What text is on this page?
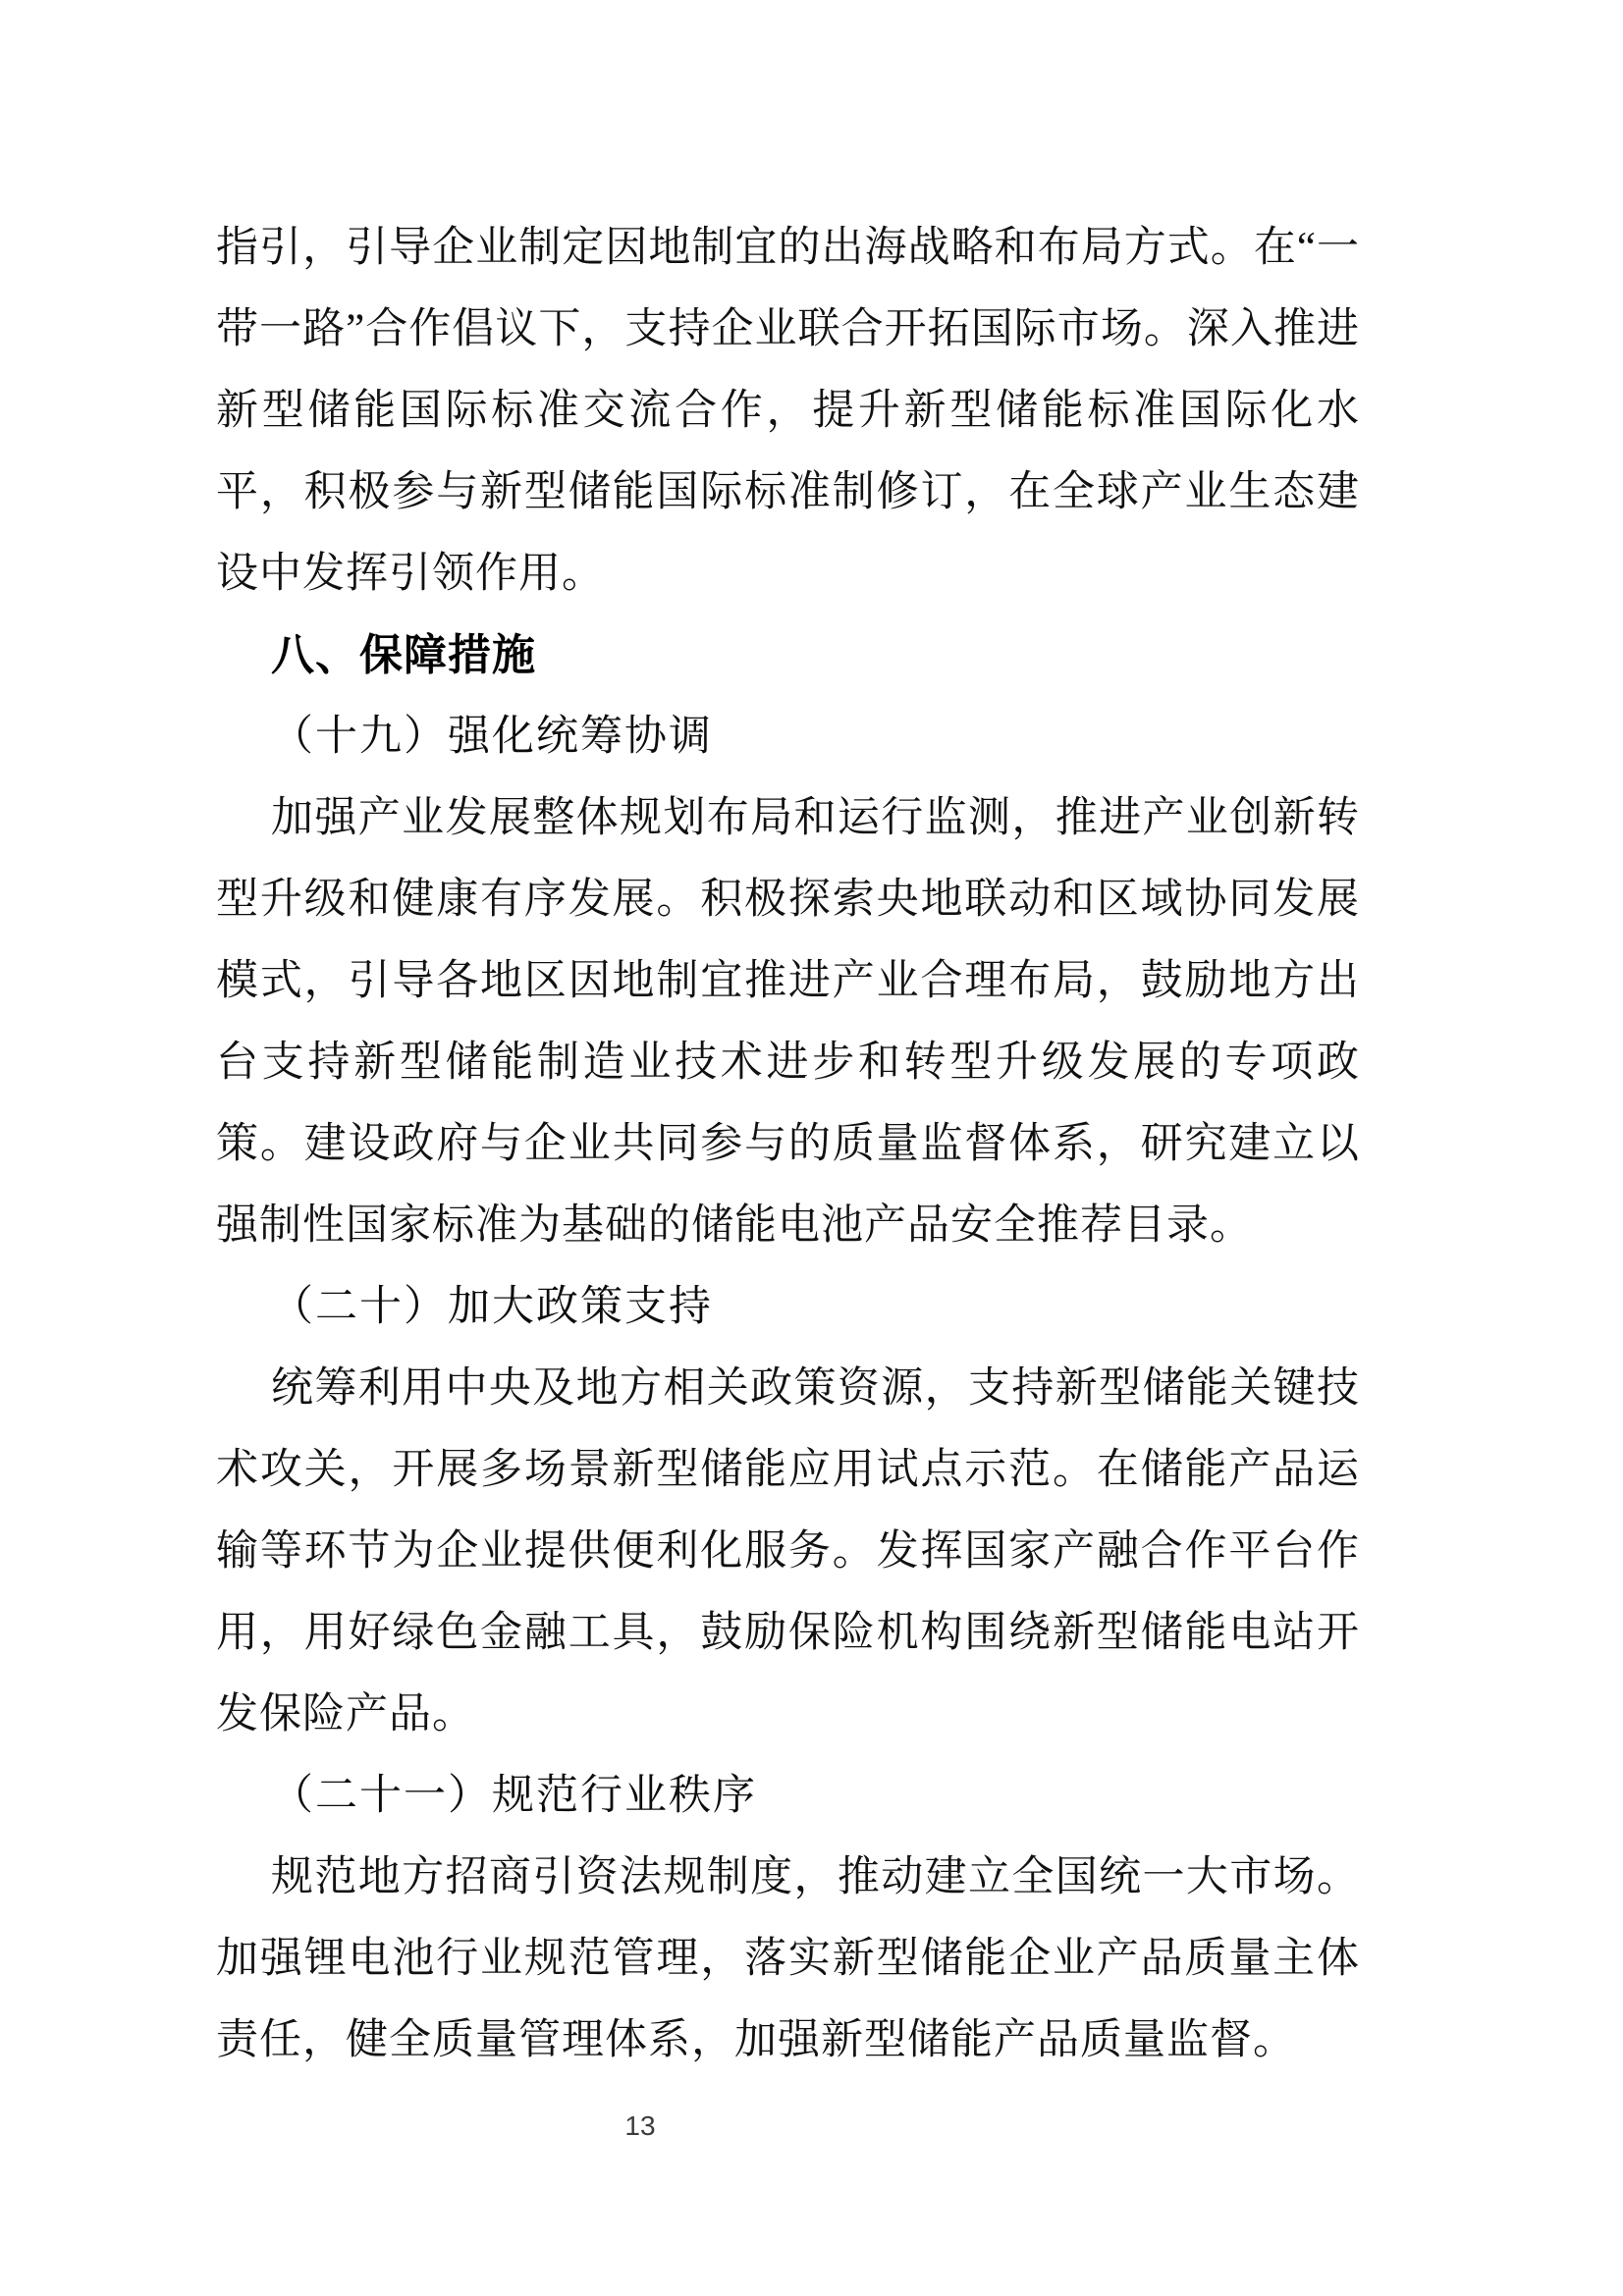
指引，引导企业制定因地制宜的出海战略和布局方式。在“一带一路”合作倡议下，支持企业联合开拓国际市场。深入推进新型储能国际标准交流合作，提升新型储能标准国际化水平，积极参与新型储能国际标准制修订，在全球产业生态建设中发挥引领作用。

八、保障措施
（十九）强化统筹协调

加强产业发展整体规划布局和运行监测，推进产业创新转型升级和健康有序发展。积极探索央地联动和区域协同发展模式，引导各地区因地制宜推进产业合理布局，鼓励地方出台支持新型储能制造业技术进步和转型升级发展的专项政策。建设政府与企业共同参与的质量监督体系，研究建立以强制性国家标准为基础的储能电池产品安全推荐目录。

（二十）加大政策支持

统筹利用中央及地方相关政策资源，支持新型储能关键技术攻关，开展多场景新型储能应用试点示范。在储能产品运输等环节为企业提供便利化服务。发挥国家产融合作平台作用，用好绿色金融工具，鼓励保险机构围绕新型储能电站开发保险产品。

（二十一）规范行业秩序

规范地方招商引资法规制度，推动建立全国统一大市场。加强锂电池行业规范管理，落实新型储能企业产品质量主体责任，健全质量管理体系，加强新型储能产品质量监督。

13
